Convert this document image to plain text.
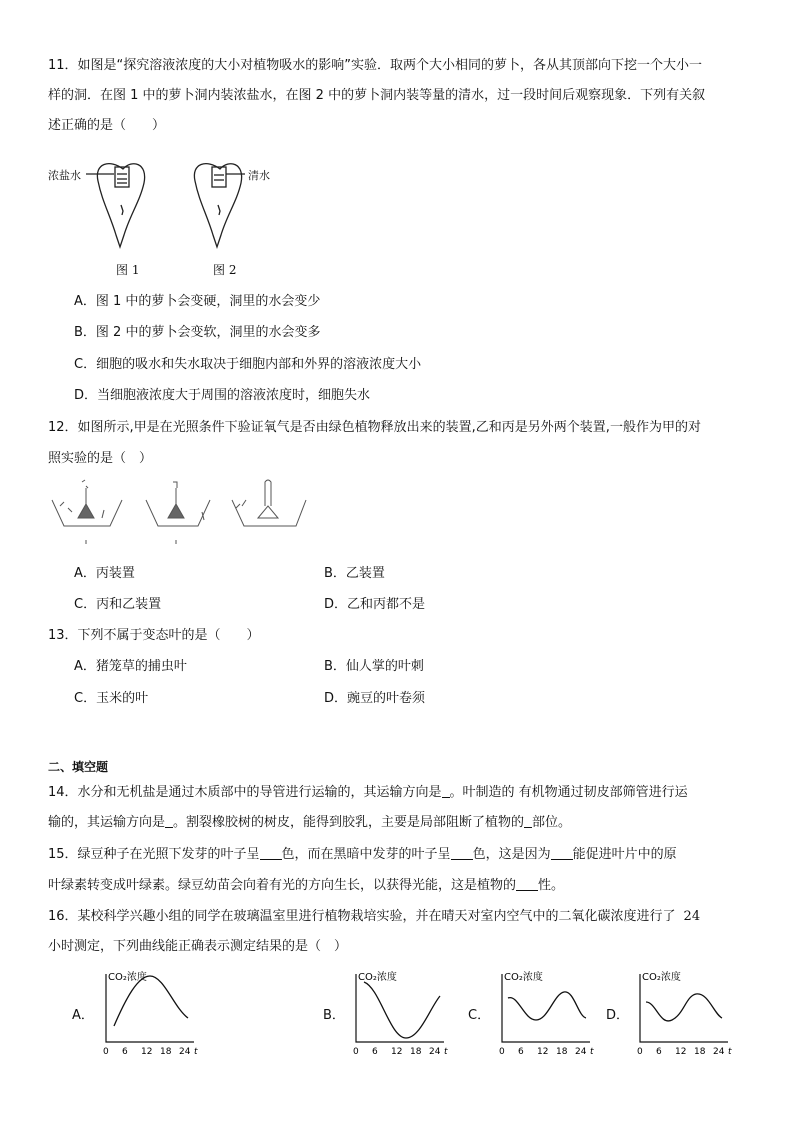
11．如图是“探究溶液浓度的大小对植物吸水的影响”实验．取两个大小相同的萝卜，各从其顶部向下挖一个大小一
样的洞．在图 1 中的萝卜洞内装浓盐水，在图 2 中的萝卜洞内装等量的清水，过一段时间后观察现象．下列有关叙
述正确的是（　　）
浓盐水	清水
图 1	图 2
A．图 1 中的萝卜会变硬，洞里的水会变少
B．图 2 中的萝卜会变软，洞里的水会变多
C．细胞的吸水和失水取决于细胞内部和外界的溶液浓度大小
D．当细胞液浓度大于周围的溶液浓度时，细胞失水
12．如图所示,甲是在光照条件下验证氧气是否由绿色植物释放出来的装置,乙和丙是另外两个装置,一般作为甲的对
照实验的是（　）
A．丙装置	B．乙装置
C．丙和乙装置	D．乙和丙都不是
13．下列不属于变态叶的是（　　）
A．猪笼草的捕虫叶	B．仙人掌的叶刺
C．玉米的叶	D．豌豆的叶卷须
二、填空题
14．水分和无机盐是通过木质部中的导管进行运输的，其运输方向是 。叶制造的 有机物通过韧皮部筛管进行运
输的，其运输方向是 。割裂橡胶树的树皮，能得到胶乳，主要是局部阻断了植物的 部位。
15．绿豆种子在光照下发芽的叶子呈 色，而在黑暗中发芽的叶子呈 色，这是因为 能促进叶片中的原
叶绿素转变成叶绿素。绿豆幼苗会向着有光的方向生长，以获得光能，这是植物的 性。
16．某校科学兴趣小组的同学在玻璃温室里进行植物栽培实验，并在晴天对室内空气中的二氧化碳浓度进行了 24
小时测定，下列曲线能正确表示测定结果的是（　）
A．
CO₂浓度
0 6 12 18 24 t
B．
CO₂浓度
0 6 12 18 24 t
C．
CO₂浓度
0 6 12 18 24 t
D．
CO₂浓度
0 6 12 18 24 t
